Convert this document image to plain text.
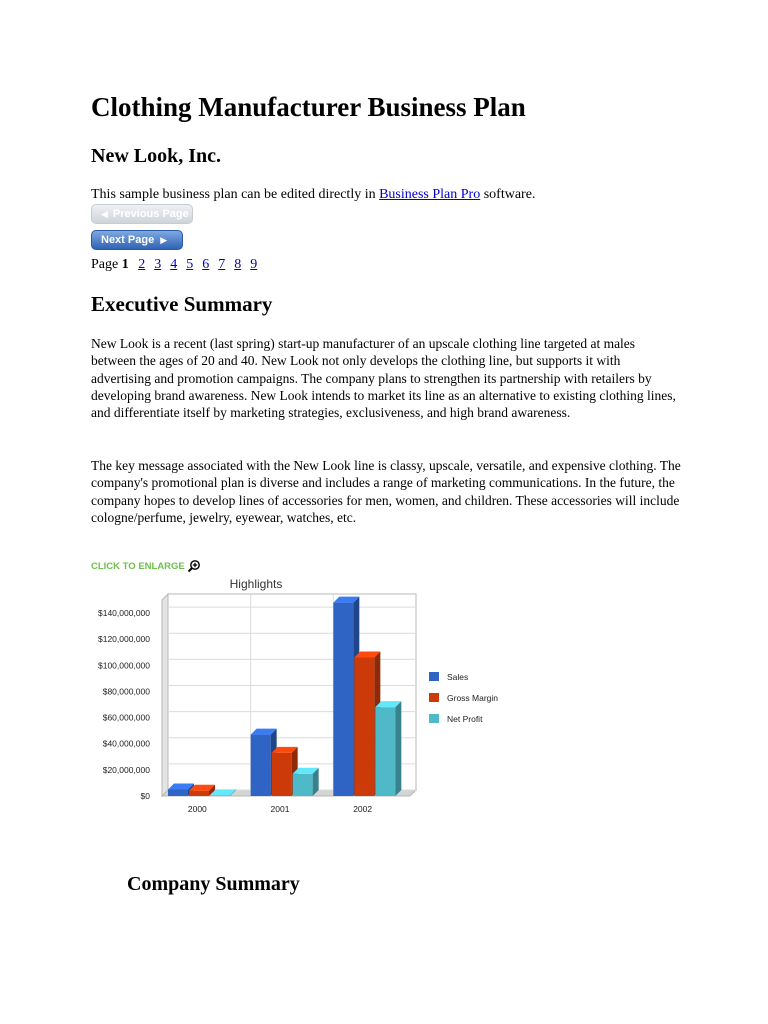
Clothing Manufacturer Business Plan
New Look, Inc.

This sample business plan can be edited directly in Business Plan Pro software.

◀ Previous Page
Next Page ▶
Page 1 2 3 4 5 6 7 8 9
Executive Summary

New Look is a recent (last spring) start-up manufacturer of an upscale clothing line targeted at males between the ages of 20 and 40. New Look not only develops the clothing line, but supports it with advertising and promotion campaigns. The company plans to strengthen its partnership with retailers by developing brand awareness. New Look intends to market its line as an alternative to existing clothing lines, and differentiate itself by marketing strategies, exclusiveness, and high brand awareness.

The key message associated with the New Look line is classy, upscale, versatile, and expensive clothing. The company's promotional plan is diverse and includes a range of marketing communications. In the future, the company hopes to develop lines of accessories for men, women, and children. These accessories will include cologne/perfume, jewelry, eyewear, watches, etc.

CLICK TO ENLARGE
$0
$20,000,000
$40,000,000
$60,000,000
$80,000,000
$100,000,000
$120,000,000
$140,000,000
2000	2001	2002
Highlights
Sales
Gross Margin
Net Profit
Company Summary
